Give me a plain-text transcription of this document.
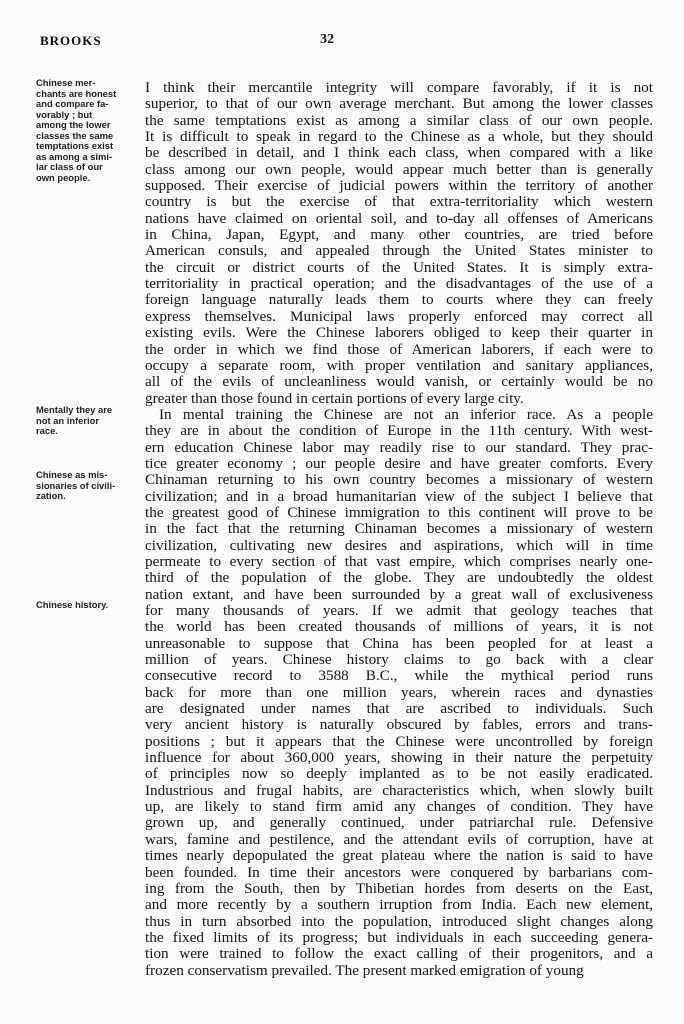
BROOKS	32
Chinese mer-
chants are honest
and compare fa-
vorably ; but
among the lower
classes the same
temptations exist
as among a simi-
lar class of our
own people.
Mentally they are
not an inferior
race.
Chinese as mis-
sionaries of civili-
zation.
Chinese history.
I think their mercantile integrity will compare favorably, if it is not
superior, to that of our own average merchant. But among the lower classes
the same temptations exist as among a similar class of our own people.
It is difficult to speak in regard to the Chinese as a whole, but they should
be described in detail, and I think each class, when compared with a like
class among our own people, would appear much better than is generally
supposed. Their exercise of judicial powers within the territory of another
country is but the exercise of that extra-territoriality which western
nations have claimed on oriental soil, and to-day all offenses of Americans
in China, Japan, Egypt, and many other countries, are tried before
American consuls, and appealed through the United States minister to
the circuit or district courts of the United States. It is simply extra-
territoriality in practical operation; and the disadvantages of the use of a
foreign language naturally leads them to courts where they can freely
express themselves. Municipal laws properly enforced may correct all
existing evils. Were the Chinese laborers obliged to keep their quarter in
the order in which we find those of American laborers, if each were to
occupy a separate room, with proper ventilation and sanitary appliances,
all of the evils of uncleanliness would vanish, or certainly would be no
greater than those found in certain portions of every large city.
In mental training the Chinese are not an inferior race. As a people
they are in about the condition of Europe in the 11th century. With west-
ern education Chinese labor may readily rise to our standard. They prac-
tice greater economy ; our people desire and have greater comforts. Every
Chinaman returning to his own country becomes a missionary of western
civilization; and in a broad humanitarian view of the subject I believe that
the greatest good of Chinese immigration to this continent will prove to be
in the fact that the returning Chinaman becomes a missionary of western
civilization, cultivating new desires and aspirations, which will in time
permeate to every section of that vast empire, which comprises nearly one-
third of the population of the globe. They are undoubtedly the oldest
nation extant, and have been surrounded by a great wall of exclusiveness
for many thousands of years. If we admit that geology teaches that
the world has been created thousands of millions of years, it is not
unreasonable to suppose that China has been peopled for at least a
million of years. Chinese history claims to go back with a clear
consecutive record to 3588 B.C., while the mythical period runs
back for more than one million years, wherein races and dynasties
are designated under names that are ascribed to individuals. Such
very ancient history is naturally obscured by fables, errors and trans-
positions ; but it appears that the Chinese were uncontrolled by foreign
influence for about 360,000 years, showing in their nature the perpetuity
of principles now so deeply implanted as to be not easily eradicated.
Industrious and frugal habits, are characteristics which, when slowly built
up, are likely to stand firm amid any changes of condition. They have
grown up, and generally continued, under patriarchal rule. Defensive
wars, famine and pestilence, and the attendant evils of corruption, have at
times nearly depopulated the great plateau where the nation is said to have
been founded. In time their ancestors were conquered by barbarians com-
ing from the South, then by Thibetian hordes from deserts on the East,
and more recently by a southern irruption from India. Each new element,
thus in turn absorbed into the population, introduced slight changes along
the fixed limits of its progress; but individuals in each succeeding genera-
tion were trained to follow the exact calling of their progenitors, and a
frozen conservatism prevailed. The present marked emigration of young
